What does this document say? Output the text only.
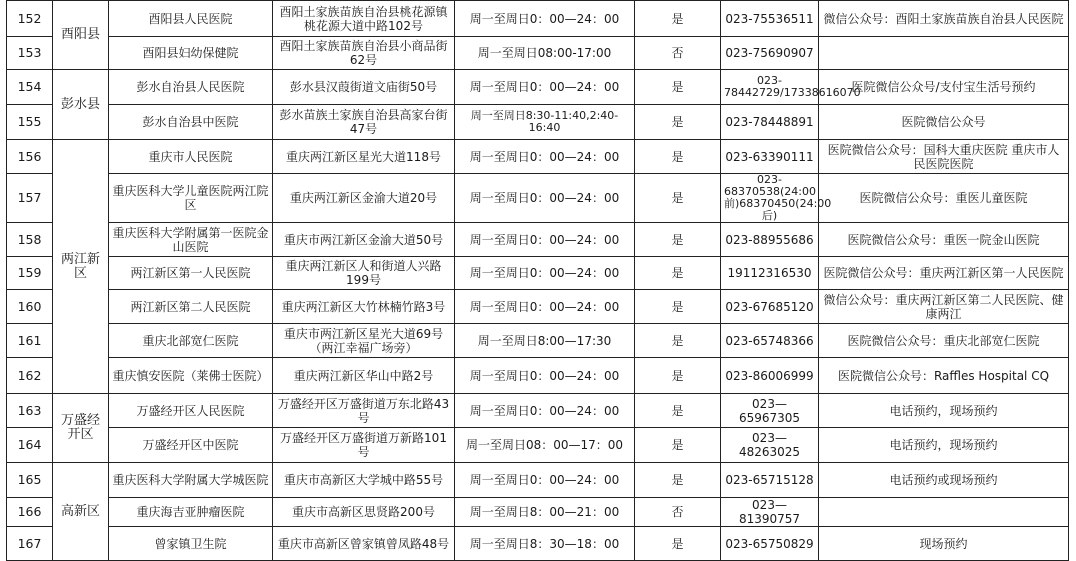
152	酉阳县	酉阳县人民医院	酉阳土家族苗族自治县桃花源镇桃花源大道中路102号	周一至周日0：00—24：00	是	023-75536511	微信公众号：酉阳土家族苗族自治县人民医院
153		酉阳县妇幼保健院	酉阳土家族苗族自治县小商品街62号	周一至周日08:00-17:00	否	023-75690907	
154	彭水县	彭水自治县人民医院	彭水县汉葭街道文庙街50号	周一至周日0：00—24：00	是	023-78442729/17338616070	医院微信公众号/支付宝生活号预约
155		彭水自治县中医院	彭水苗族土家族自治县高家台街47号	周一至周日8:30-11:40,2:40-16:40	是	023-78448891	医院微信公众号
156	两江新区	重庆市人民医院	重庆两江新区星光大道118号	周一至周日0：00—24：00	是	023-63390111	医院微信公众号：国科大重庆医院 重庆市人民医院医院
157		重庆医科大学儿童医院两江院区	重庆两江新区金渝大道20号	周一至周日0：00—24：00	是	023-68370538(24:00前)68370450(24:00后)	医院微信公众号：重医儿童医院
158		重庆医科大学附属第一医院金山医院	重庆市两江新区金渝大道50号	周一至周日0：00—24：00	是	023-88955686	医院微信公众号：重医一院金山医院
159		两江新区第一人民医院	重庆两江新区人和街道人兴路199号	周一至周日0：00—24：00	是	19112316530	医院微信公众号：重庆两江新区第一人民医院
160		两江新区第二人民医院	重庆两江新区大竹林楠竹路3号	周一至周日0：00—24：00	是	023-67685120	微信公众号：重庆两江新区第二人民医院、健康两江
161		重庆北部宽仁医院	重庆市两江新区星光大道69号（两江幸福广场旁）	周一至周日8:00—17:30	是	023-65748366	医院微信公众号：重庆北部宽仁医院
162		重庆慎安医院（莱佛士医院）	重庆两江新区华山中路2号	周一至周日0：00—24：00	是	023-86006999	医院微信公众号：Raffles Hospital CQ
163	万盛经开区	万盛经开区人民医院	万盛经开区万盛街道万东北路43号	周一至周日0：00—24：00	是	023—65967305	电话预约，现场预约
164		万盛经开区中医院	万盛经开区万盛街道万新路101号	周一至周日08：00—17：00	是	023—48263025	电话预约，现场预约
165	高新区	重庆医科大学附属大学城医院	重庆市高新区大学城中路55号	周一至周日0：00—24：00	是	023-65715128	电话预约或现场预约
166		重庆海吉亚肿瘤医院	重庆市高新区思贤路200号	周一至周日8：00—21：00	否	023—81390757	
167		曾家镇卫生院	重庆市高新区曾家镇曾凤路48号	周一至周日8：30—18：00	是	023-65750829	现场预约
